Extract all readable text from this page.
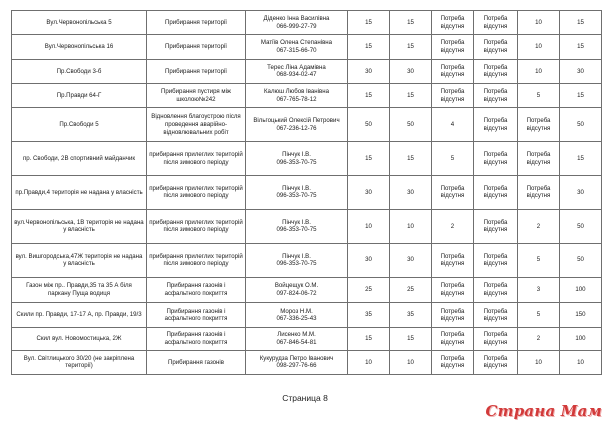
Вул.Червонопільська 5	Прибирання території	Діденко Інна Василівна
066-999-27-79	15	15	Потреба відсутня	Потреба відсутня	10	15
Вул.Червонопільська 16	Прибирання території	Матіїв Олена Степанівна
067-315-66-70	15	15	Потреба відсутня	Потреба відсутня	10	15
Пр.Свободи 3-б	Прибирання території	Терес Ліна Адамівна
068-934-02-47	30	30	Потреба відсутня	Потреба відсутня	10	30
Пр.Правди 64-Г	Прибирання пустиря між школою№242	Калюш Любов Іванівна
067-765-78-12	15	15	Потреба відсутня	Потреба відсутня	5	15
Пр.Свободи 5	Відновлення благоустрою після проведення аварійно-відновлювальних робіт	Вільгоцький Олексій Петрович
067-236-12-76	50	50	4	Потреба відсутня	Потреба відсутня	50
пр. Свободи, 2В спортивний майданчик	прибирання прилеглих територій після зимового періоду	Пінчук І.В.
096-353-70-75	15	15	5	Потреба відсутня	Потреба відсутня	15
пр.Правди,4 територія не надана у власність	прибирання прилеглих територій після зимового періоду	Пінчук І.В.
096-353-70-75	30	30	Потреба відсутня	Потреба відсутня	Потреба відсутня	30
вул.Червонопільська, 1В територія не надана у власність	прибирання прилеглих територій після зимового періоду	Пінчук І.В.
096-353-70-75	10	10	2	Потреба відсутня	2	50
вул. Вишгородська,47Ж територія не надана у власність	прибирання прилеглих територій після зимового періоду	Пінчук І.В.
096-353-70-75	30	30	Потреба відсутня	Потреба відсутня	5	50
Газон між пр.. Правди,35 та 35 А біля паркану Пуща водиця	Прибирання газонів і асфальтного покриття	Войцещук О.М.
097-824-06-72	25	25	Потреба відсутня	Потреба відсутня	3	100
Скили пр. Правди, 17-17 А, пр. Правди, 19/3	Прибирання газонів і асфальтного покриття	Мороз Н.М.
067-336-25-43	35	35	Потреба відсутня	Потреба відсутня	5	150
Скил вул. Новомостицька, 2Ж	Прибирання газонів і асфальтного покриття	Лисенко М.М.
067-846-54-81	15	15	Потреба відсутня	Потреба відсутня	2	100
Вул. Світлицького 30/20 (не закріплена території)	Прибирання газонів	Кукурудза Петро Іванович
098-297-76-66	10	10	Потреба відсутня	Потреба відсутня	10	10
Страница 8
Страна Мам
